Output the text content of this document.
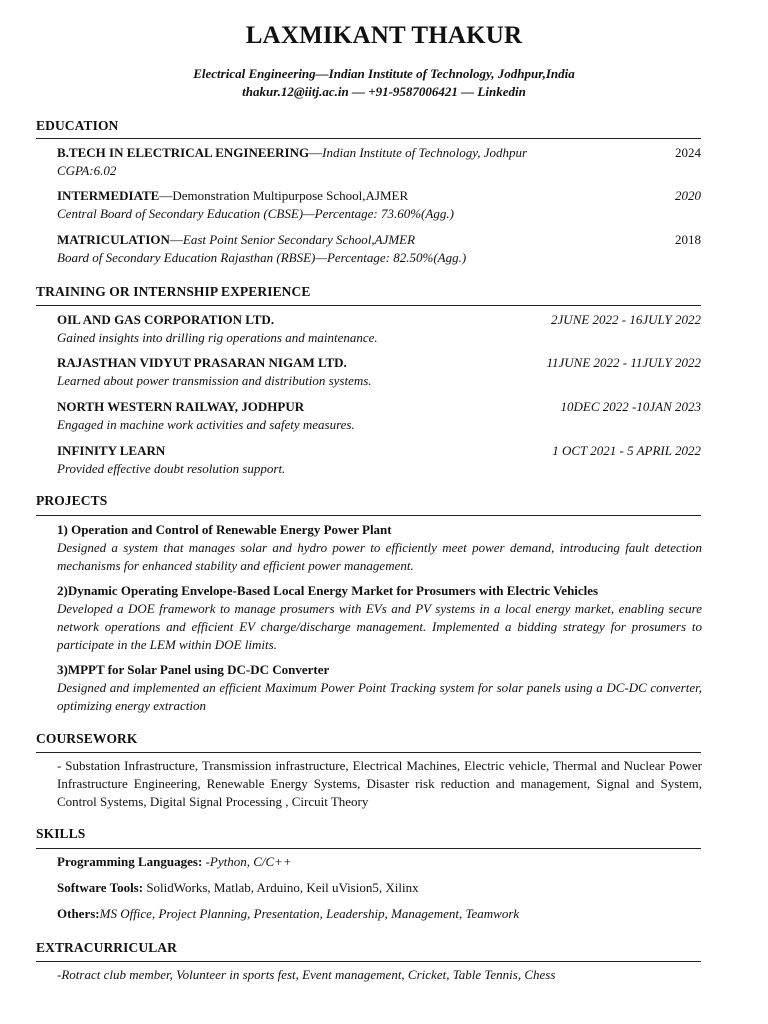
LAXMIKANT THAKUR
Electrical Engineering—Indian Institute of Technology, Jodhpur,India
thakur.12@iitj.ac.in — +91-9587006421 — Linkedin
EDUCATION
B.TECH IN ELECTRICAL ENGINEERING—Indian Institute of Technology, Jodhpur	2024
CGPA:6.02
INTERMEDIATE—Demonstration Multipurpose School,AJMER	2020
Central Board of Secondary Education (CBSE)—Percentage: 73.60%(Agg.)
MATRICULATION—East Point Senior Secondary School,AJMER	2018
Board of Secondary Education Rajasthan (RBSE)—Percentage: 82.50%(Agg.)
TRAINING OR INTERNSHIP EXPERIENCE
OIL AND GAS CORPORATION LTD.	2JUNE 2022 - 16JULY 2022
Gained insights into drilling rig operations and maintenance.
RAJASTHAN VIDYUT PRASARAN NIGAM LTD.	11JUNE 2022 - 11JULY 2022
Learned about power transmission and distribution systems.
NORTH WESTERN RAILWAY, JODHPUR	10DEC 2022 -10JAN 2023
Engaged in machine work activities and safety measures.
INFINITY LEARN	1 OCT 2021 - 5 APRIL 2022
Provided effective doubt resolution support.
PROJECTS
1) Operation and Control of Renewable Energy Power Plant
Designed a system that manages solar and hydro power to efficiently meet power demand, introducing fault detection mechanisms for enhanced stability and efficient power management.
2)Dynamic Operating Envelope-Based Local Energy Market for Prosumers with Electric Vehicles
Developed a DOE framework to manage prosumers with EVs and PV systems in a local energy market, enabling secure network operations and efficient EV charge/discharge management. Implemented a bidding strategy for prosumers to participate in the LEM within DOE limits.
3)MPPT for Solar Panel using DC-DC Converter
Designed and implemented an efficient Maximum Power Point Tracking system for solar panels using a DC-DC converter, optimizing energy extraction
COURSEWORK
- Substation Infrastructure, Transmission infrastructure, Electrical Machines, Electric vehicle, Thermal and Nuclear Power Infrastructure Engineering, Renewable Energy Systems, Disaster risk reduction and management, Signal and System, Control Systems, Digital Signal Processing , Circuit Theory
SKILLS
Programming Languages: -Python, C/C++
Software Tools: SolidWorks, Matlab, Arduino, Keil uVision5, Xilinx
Others:MS Office, Project Planning, Presentation, Leadership, Management, Teamwork
EXTRACURRICULAR
-Rotract club member, Volunteer in sports fest, Event management, Cricket, Table Tennis, Chess
